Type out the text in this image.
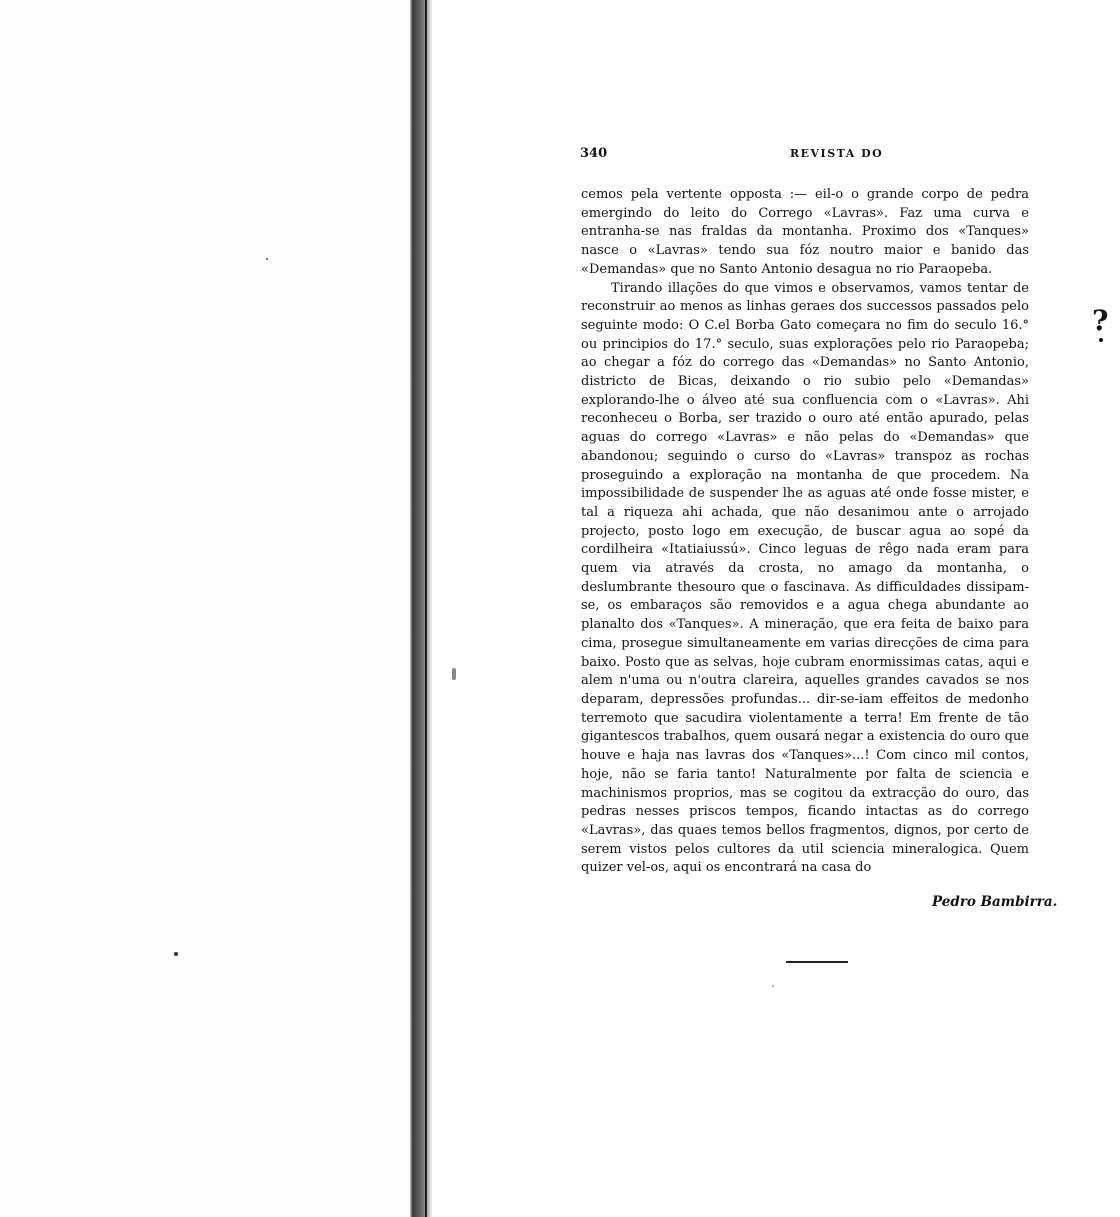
340	REVISTA DO

cemos pela vertente opposta :— eil-o o grande corpo de pedra emergindo do leito do Corrego «Lavras». Faz uma curva e entranha-se nas fraldas da montanha. Proximo dos «Tanques» nasce o «Lavras» tendo sua fóz noutro maior e banido das «Demandas» que no Santo Antonio desagua no rio Paraopeba.

Tirando illações do que vimos e observamos, vamos tentar de reconstruir ao menos as linhas geraes dos successos passados pelo seguinte modo: O C.el Borba Gato começara no fim do seculo 16.° ou principios do 17.° seculo, suas explorações pelo rio Paraopeba; ao chegar a fóz do corrego das «Demandas» no Santo Antonio, districto de Bicas, deixando o rio subio pelo «Demandas» explorando-lhe o álveo até sua confluencia com o «Lavras». Ahi reconheceu o Borba, ser trazido o ouro até então apurado, pelas aguas do corrego «Lavras» e não pelas do «Demandas» que abandonou; seguindo o curso do «Lavras» transpoz as rochas proseguindo a exploração na montanha de que procedem. Na impossibilidade de suspender lhe as aguas até onde fosse mister, e tal a riqueza ahi achada, que não desanimou ante o arrojado projecto, posto logo em execução, de buscar agua ao sopé da cordilheira «Itatiaiussú». Cinco leguas de rêgo nada eram para quem via através da crosta, no amago da montanha, o deslumbrante thesouro que o fascinava. As difficuldades dissipam-se, os embaraços são removidos e a agua chega abundante ao planalto dos «Tanques». A mineração, que era feita de baixo para cima, prosegue simultaneamente em varias direcções de cima para baixo. Posto que as selvas, hoje cubram enormissimas catas, aqui e alem n'uma ou n'outra clareira, aquelles grandes cavados se nos deparam, depressões profundas... dir-se-iam effeitos de medonho terremoto que sacudira violentamente a terra! Em frente de tão gigantescos trabalhos, quem ousará negar a existencia do ouro que houve e haja nas lavras dos «Tanques»...! Com cinco mil contos, hoje, não se faria tanto! Naturalmente por falta de sciencia e machinismos proprios, mas se cogitou da extracção do ouro, das pedras nesses priscos tempos, ficando intactas as do corrego «Lavras», das quaes temos bellos fragmentos, dignos, por certo de serem vistos pelos cultores da util sciencia mineralogica. Quem quizer vel-os, aqui os encontrará na casa do

?
Pedro Bambirra.
